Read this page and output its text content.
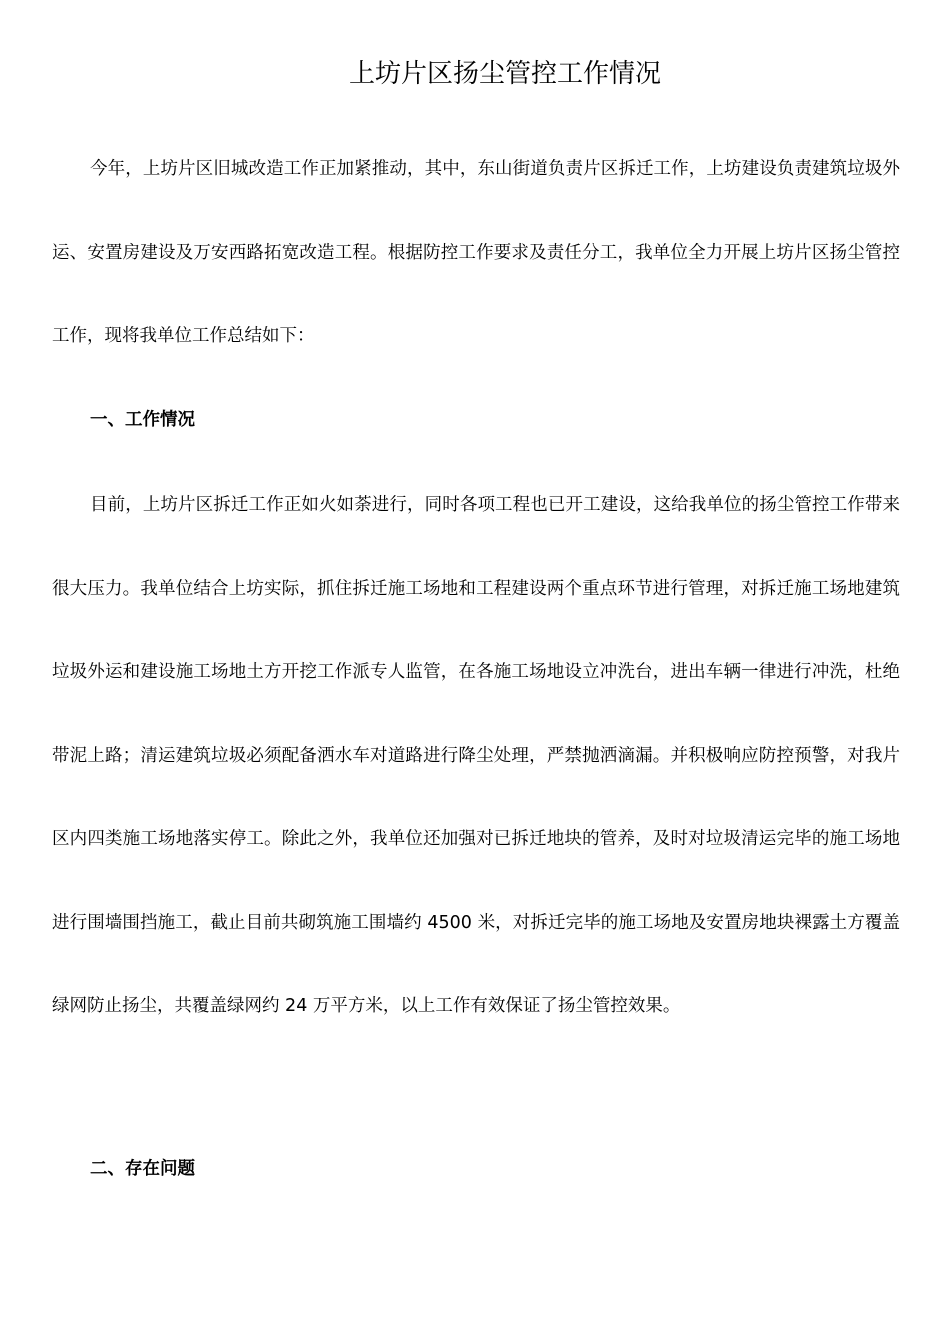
上坊片区扬尘管控工作情况

今年，上坊片区旧城改造工作正加紧推动，其中，东山街道负责片区拆迁工作，上坊建设负责建筑垃圾外运、安置房建设及万安西路拓宽改造工程。根据防控工作要求及责任分工，我单位全力开展上坊片区扬尘管控工作，现将我单位工作总结如下：

一、工作情况

目前，上坊片区拆迁工作正如火如荼进行，同时各项工程也已开工建设，这给我单位的扬尘管控工作带来很大压力。我单位结合上坊实际，抓住拆迁施工场地和工程建设两个重点环节进行管理，对拆迁施工场地建筑垃圾外运和建设施工场地土方开挖工作派专人监管，在各施工场地设立冲洗台，进出车辆一律进行冲洗，杜绝带泥上路；清运建筑垃圾必须配备洒水车对道路进行降尘处理，严禁抛洒滴漏。并积极响应防控预警，对我片区内四类施工场地落实停工。除此之外，我单位还加强对已拆迁地块的管养，及时对垃圾清运完毕的施工场地进行围墙围挡施工，截止目前共砌筑施工围墙约 4500 米，对拆迁完毕的施工场地及安置房地块裸露土方覆盖绿网防止扬尘，共覆盖绿网约 24 万平方米，以上工作有效保证了扬尘管控效果。

二、存在问题
